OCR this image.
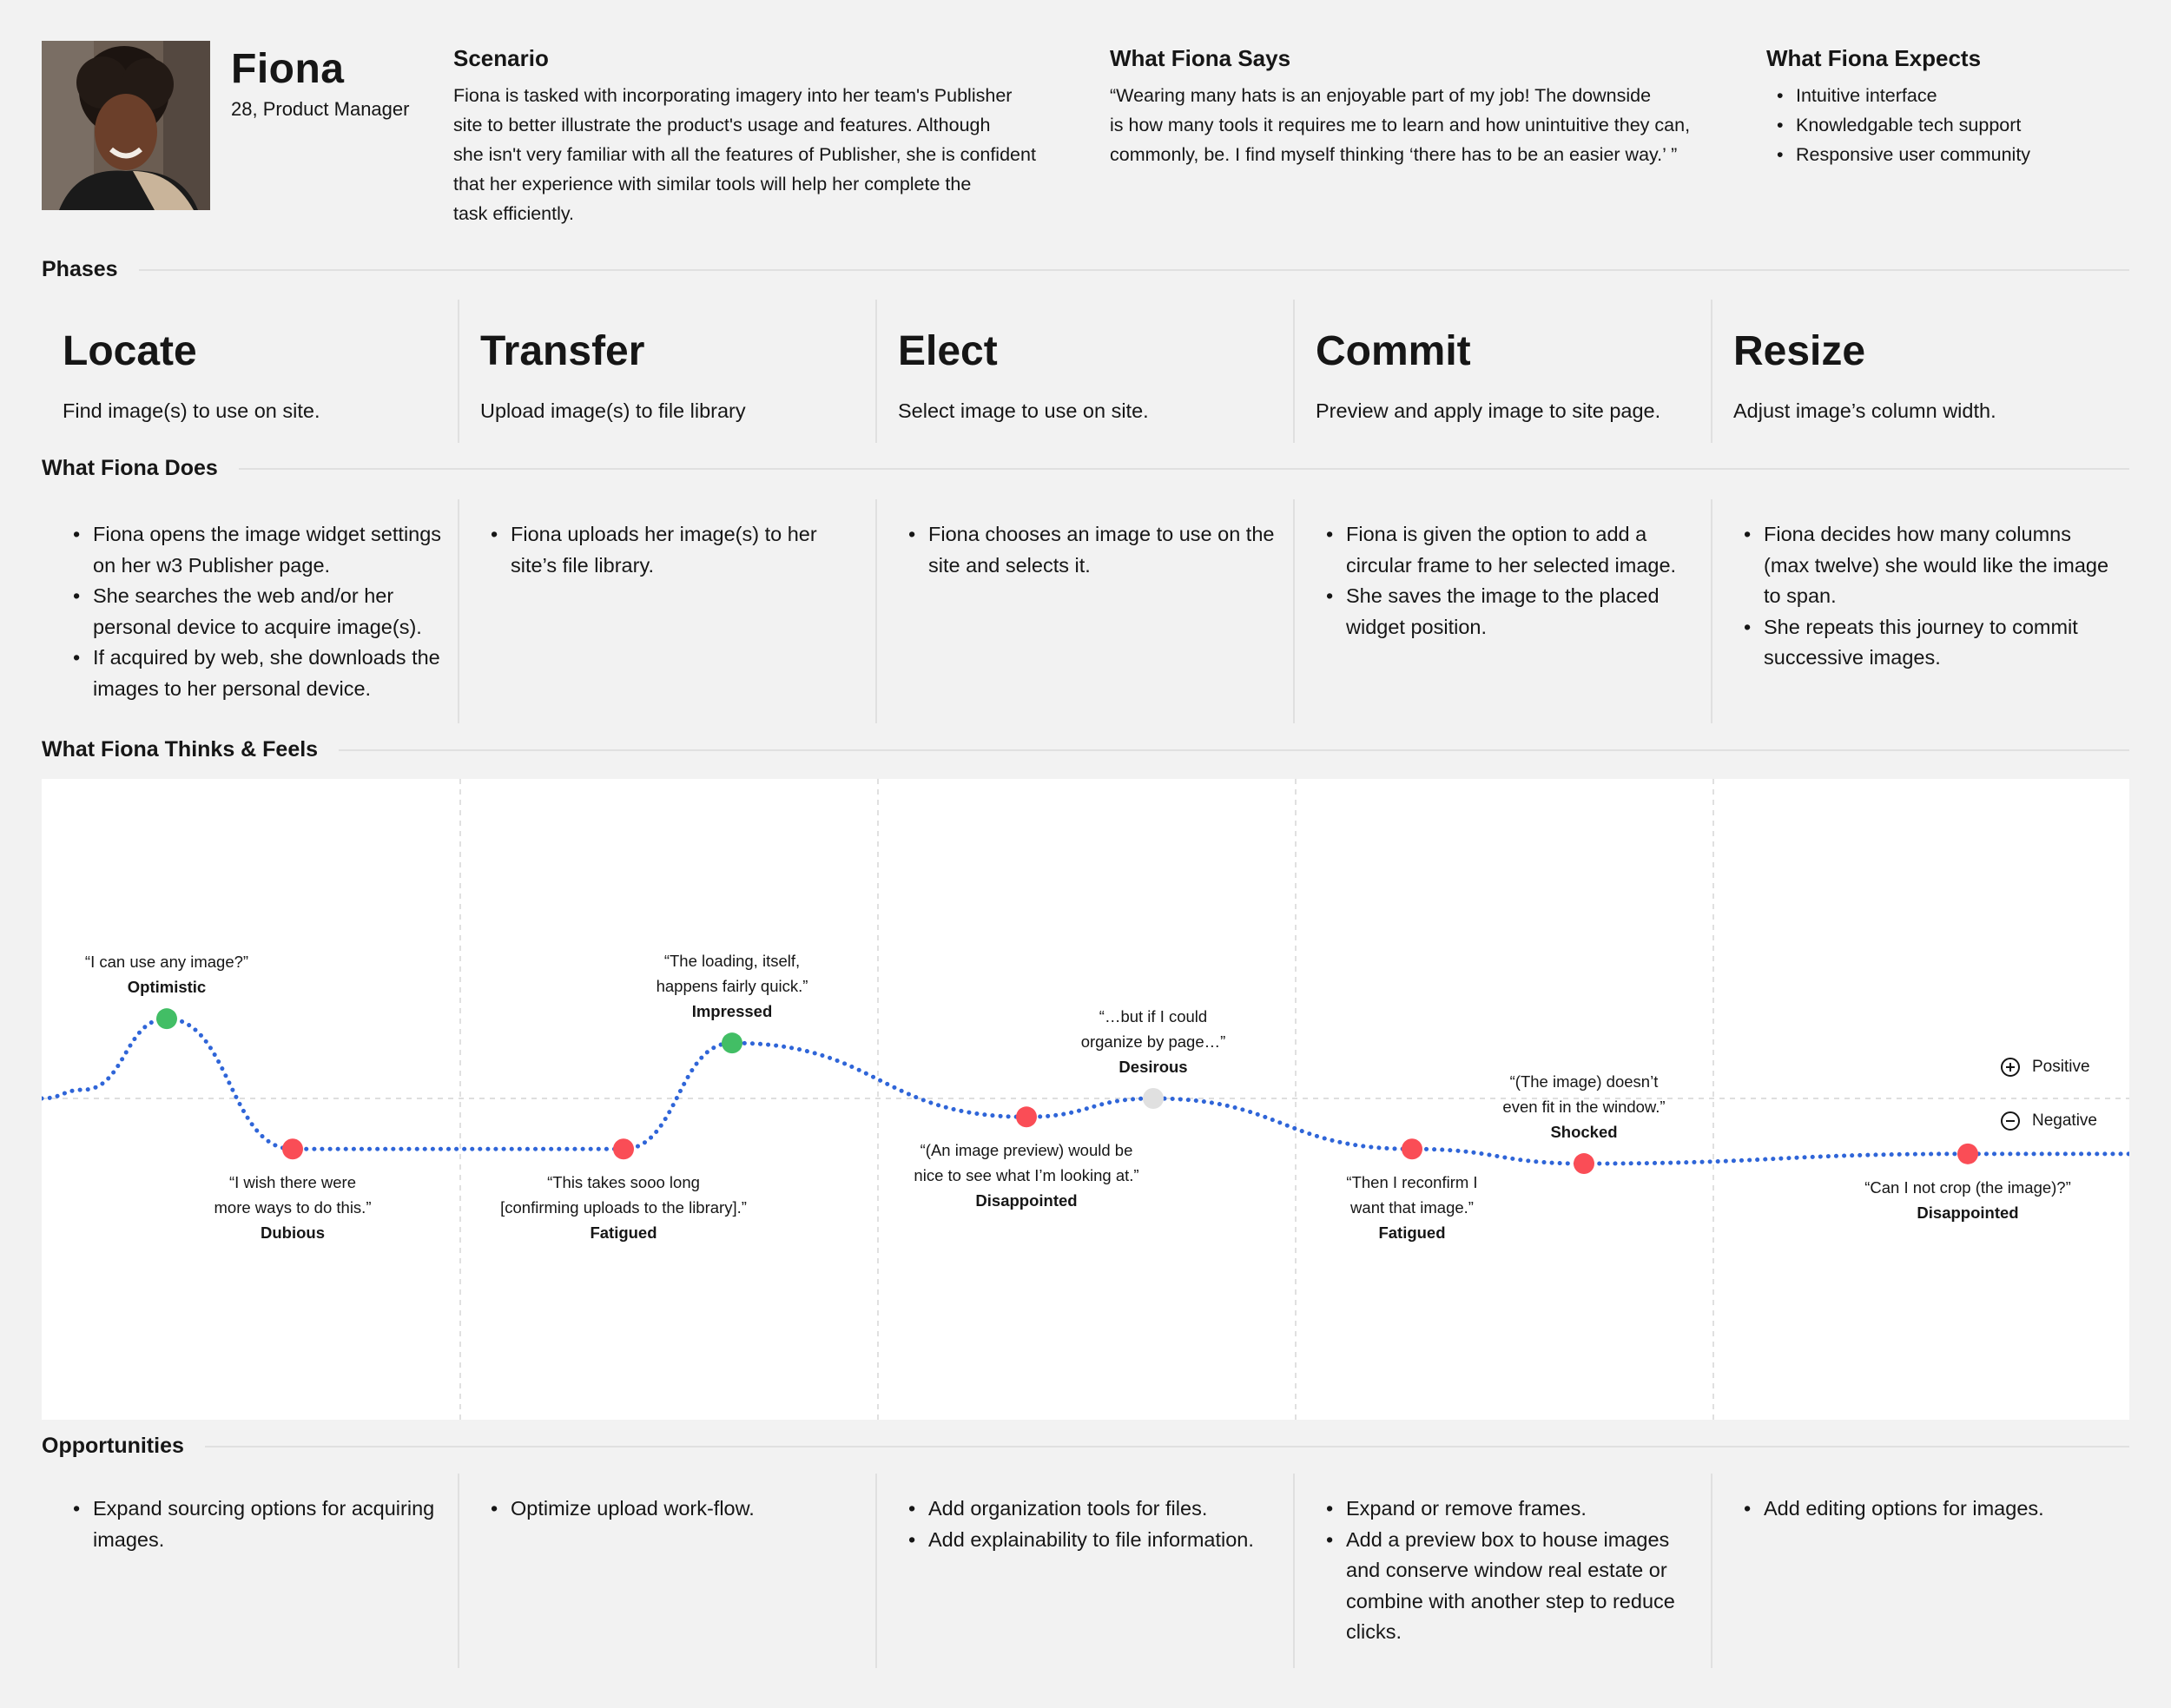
Fiona
28, Product Manager
Scenario
Fiona is tasked with incorporating imagery into her team's Publisher
site to better illustrate the product's usage and features. Although
she isn't very familiar with all the features of Publisher, she is confident
that her experience with similar tools will help her complete the
task efficiently.
What Fiona Says
“Wearing many hats is an enjoyable part of my job! The downside
is how many tools it requires me to learn and how unintuitive they can,
commonly, be. I find myself thinking ‘there has to be an easier way.’ ”
What Fiona Expects
• Intuitive interface
• Knowledgable tech support
• Responsive user community
Phases
What Fiona Does
What Fiona Thinks & Feels
Opportunities
Locate
Find image(s) to use on site.
Transfer
Upload image(s) to file library
Elect
Select image to use on site.
Commit
Preview and apply image to site page.
Resize
Adjust image’s column width.
• Fiona opens the image widget settings on her w3 Publisher page.
• She searches the web and/or her personal device to acquire image(s).
• If acquired by web, she downloads the images to her personal device.
• Fiona uploads her image(s) to her site’s file library.
• Fiona chooses an image to use on the site and selects it.
• Fiona is given the option to add a circular frame to her selected image.
• She saves the image to the placed widget position.
• Fiona decides how many columns (max twelve) she would like the image to span.
• She repeats this journey to commit successive images.
“I can use any image?”
Optimistic
“I wish there were
more ways to do this.”
Dubious
“This takes sooo long
[confirming uploads to the library].”
Fatigued
“The loading, itself,
happens fairly quick.”
Impressed
“(An image preview) would be
nice to see what I’m looking at.”
Disappointed
“…but if I could
organize by page…”
Desirous
“Then I reconfirm I
want that image.”
Fatigued
“(The image) doesn’t
even fit in the window.”
Shocked
“Can I not crop (the image)?”
Disappointed
Positive
Negative
• Expand sourcing options for acquiring images.
• Optimize upload work-flow.
•	Add organization tools for files.
• Add explainability to file information.
• Expand or remove frames.
• Add a preview box to house images and conserve window real estate or combine with another step to reduce clicks.
• Add editing options for images.
